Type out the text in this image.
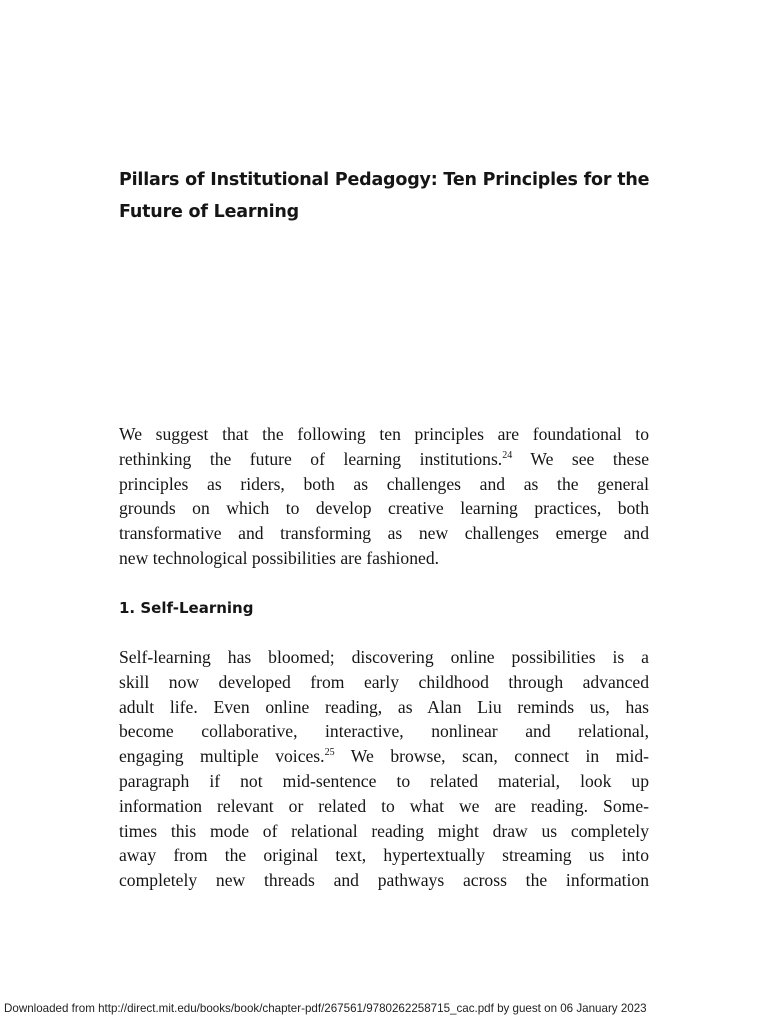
Pillars of Institutional Pedagogy: Ten Principles for the
Future of Learning
We suggest that the following ten principles are foundational to
rethinking the future of learning institutions.$^{24}$ We see these
principles as riders, both as challenges and as the general
grounds on which to develop creative learning practices, both
transformative and transforming as new challenges emerge and
new technological possibilities are fashioned.
1. Self-Learning
Self-learning has bloomed; discovering online possibilities is a
skill now developed from early childhood through advanced
adult life. Even online reading, as Alan Liu reminds us, has
become collaborative, interactive, nonlinear and relational,
engaging multiple voices.$^{25}$ We browse, scan, connect in mid-
paragraph if not mid-sentence to related material, look up
information relevant or related to what we are reading. Some-
times this mode of relational reading might draw us completely
away from the original text, hypertextually streaming us into
completely new threads and pathways across the information
Downloaded from http://direct.mit.edu/books/book/chapter-pdf/267561/9780262258715_cac.pdf by guest on 06 January 2023
